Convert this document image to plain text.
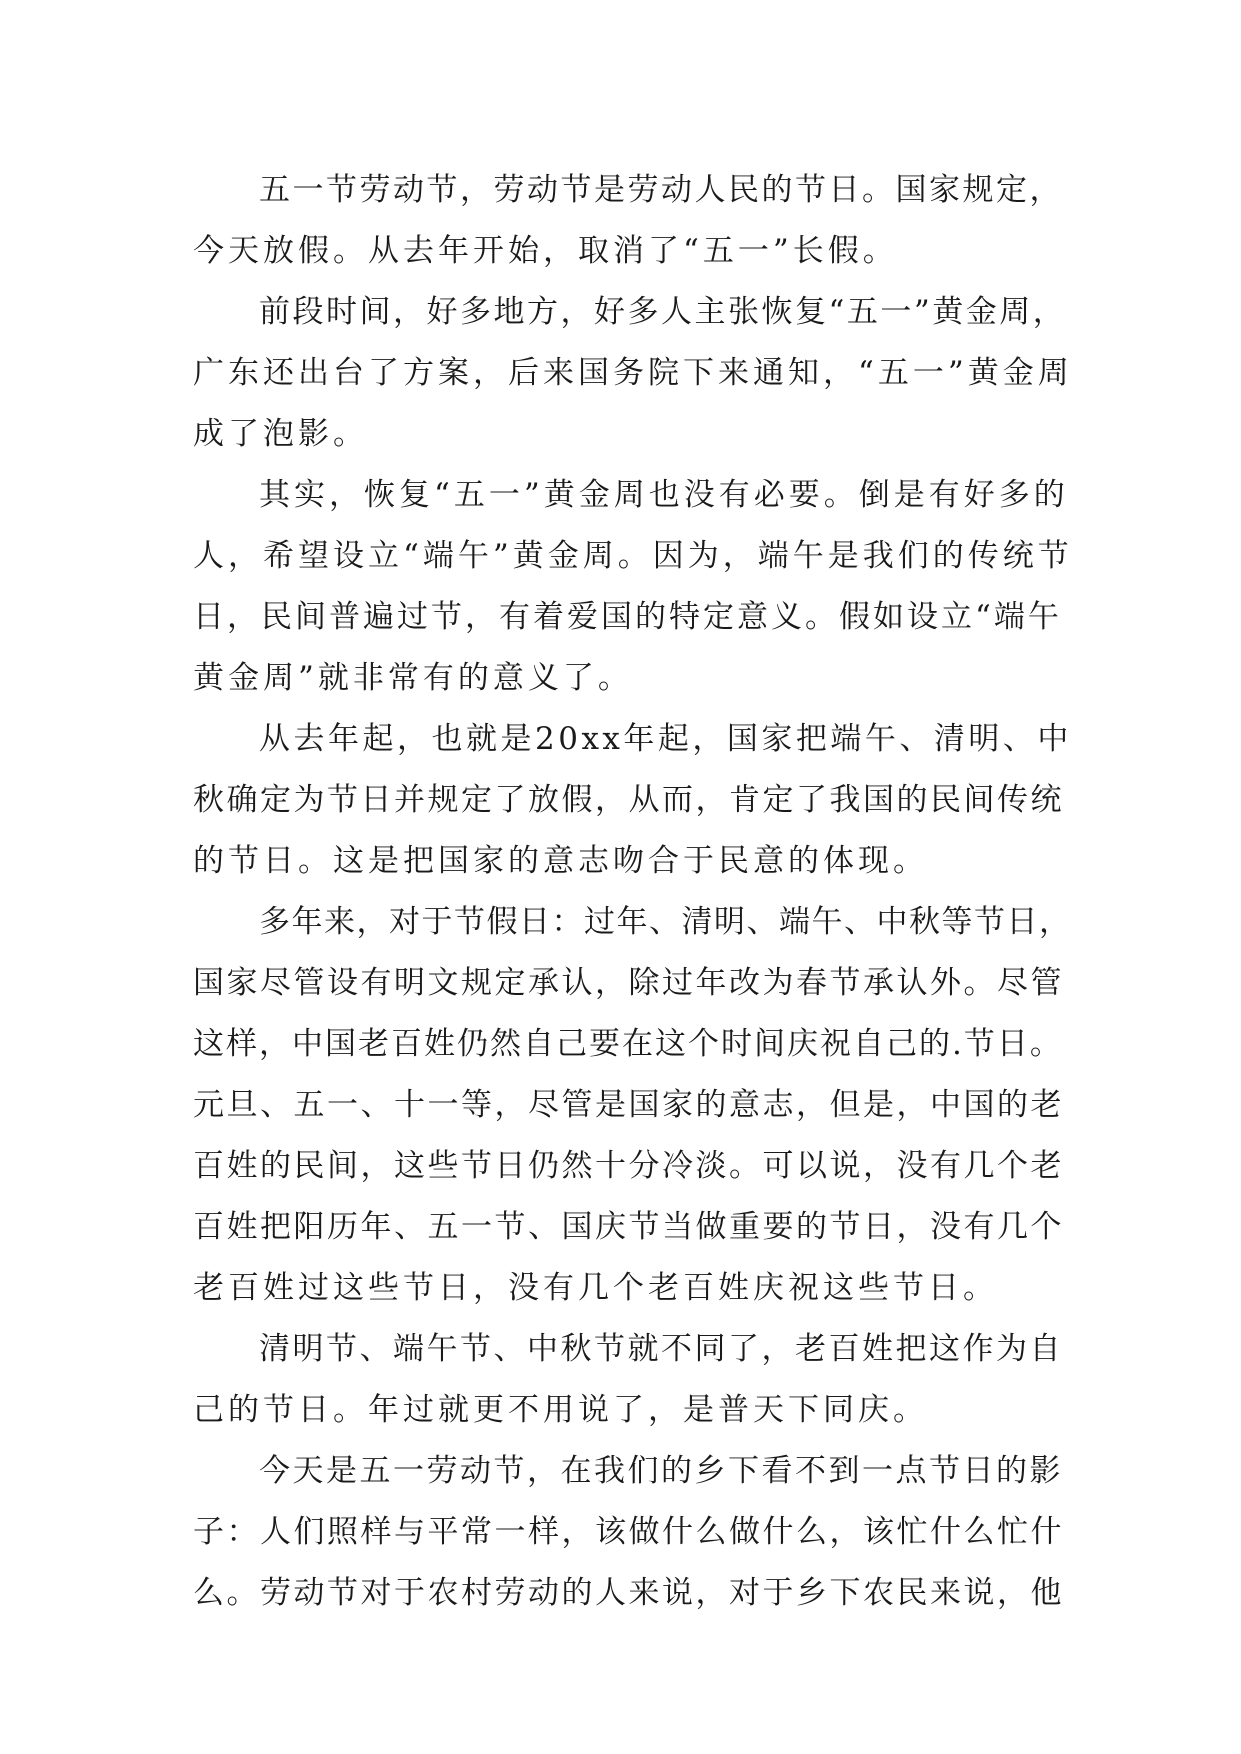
五一节劳动节，劳动节是劳动人民的节日。国家规定，
今天放假。从去年开始，取消了“五一”长假。

前段时间，好多地方，好多人主张恢复“五一”黄金周，
广东还出台了方案，后来国务院下来通知，“五一”黄金周
成了泡影。

其实，恢复“五一”黄金周也没有必要。倒是有好多的
人，希望设立“端午”黄金周。因为，端午是我们的传统节
日，民间普遍过节，有着爱国的特定意义。假如设立“端午
黄金周”就非常有的意义了。

从去年起，也就是20xx年起，国家把端午、清明、中
秋确定为节日并规定了放假，从而，肯定了我国的民间传统
的节日。这是把国家的意志吻合于民意的体现。

多年来，对于节假日：过年、清明、端午、中秋等节日，
国家尽管设有明文规定承认，除过年改为春节承认外。尽管
这样，中国老百姓仍然自己要在这个时间庆祝自己的.节日。
元旦、五一、十一等，尽管是国家的意志，但是，中国的老
百姓的民间，这些节日仍然十分冷淡。可以说，没有几个老
百姓把阳历年、五一节、国庆节当做重要的节日，没有几个
老百姓过这些节日，没有几个老百姓庆祝这些节日。

清明节、端午节、中秋节就不同了，老百姓把这作为自
己的节日。年过就更不用说了，是普天下同庆。

今天是五一劳动节，在我们的乡下看不到一点节日的影
子：人们照样与平常一样，该做什么做什么，该忙什么忙什
么。劳动节对于农村劳动的人来说，对于乡下农民来说，他
